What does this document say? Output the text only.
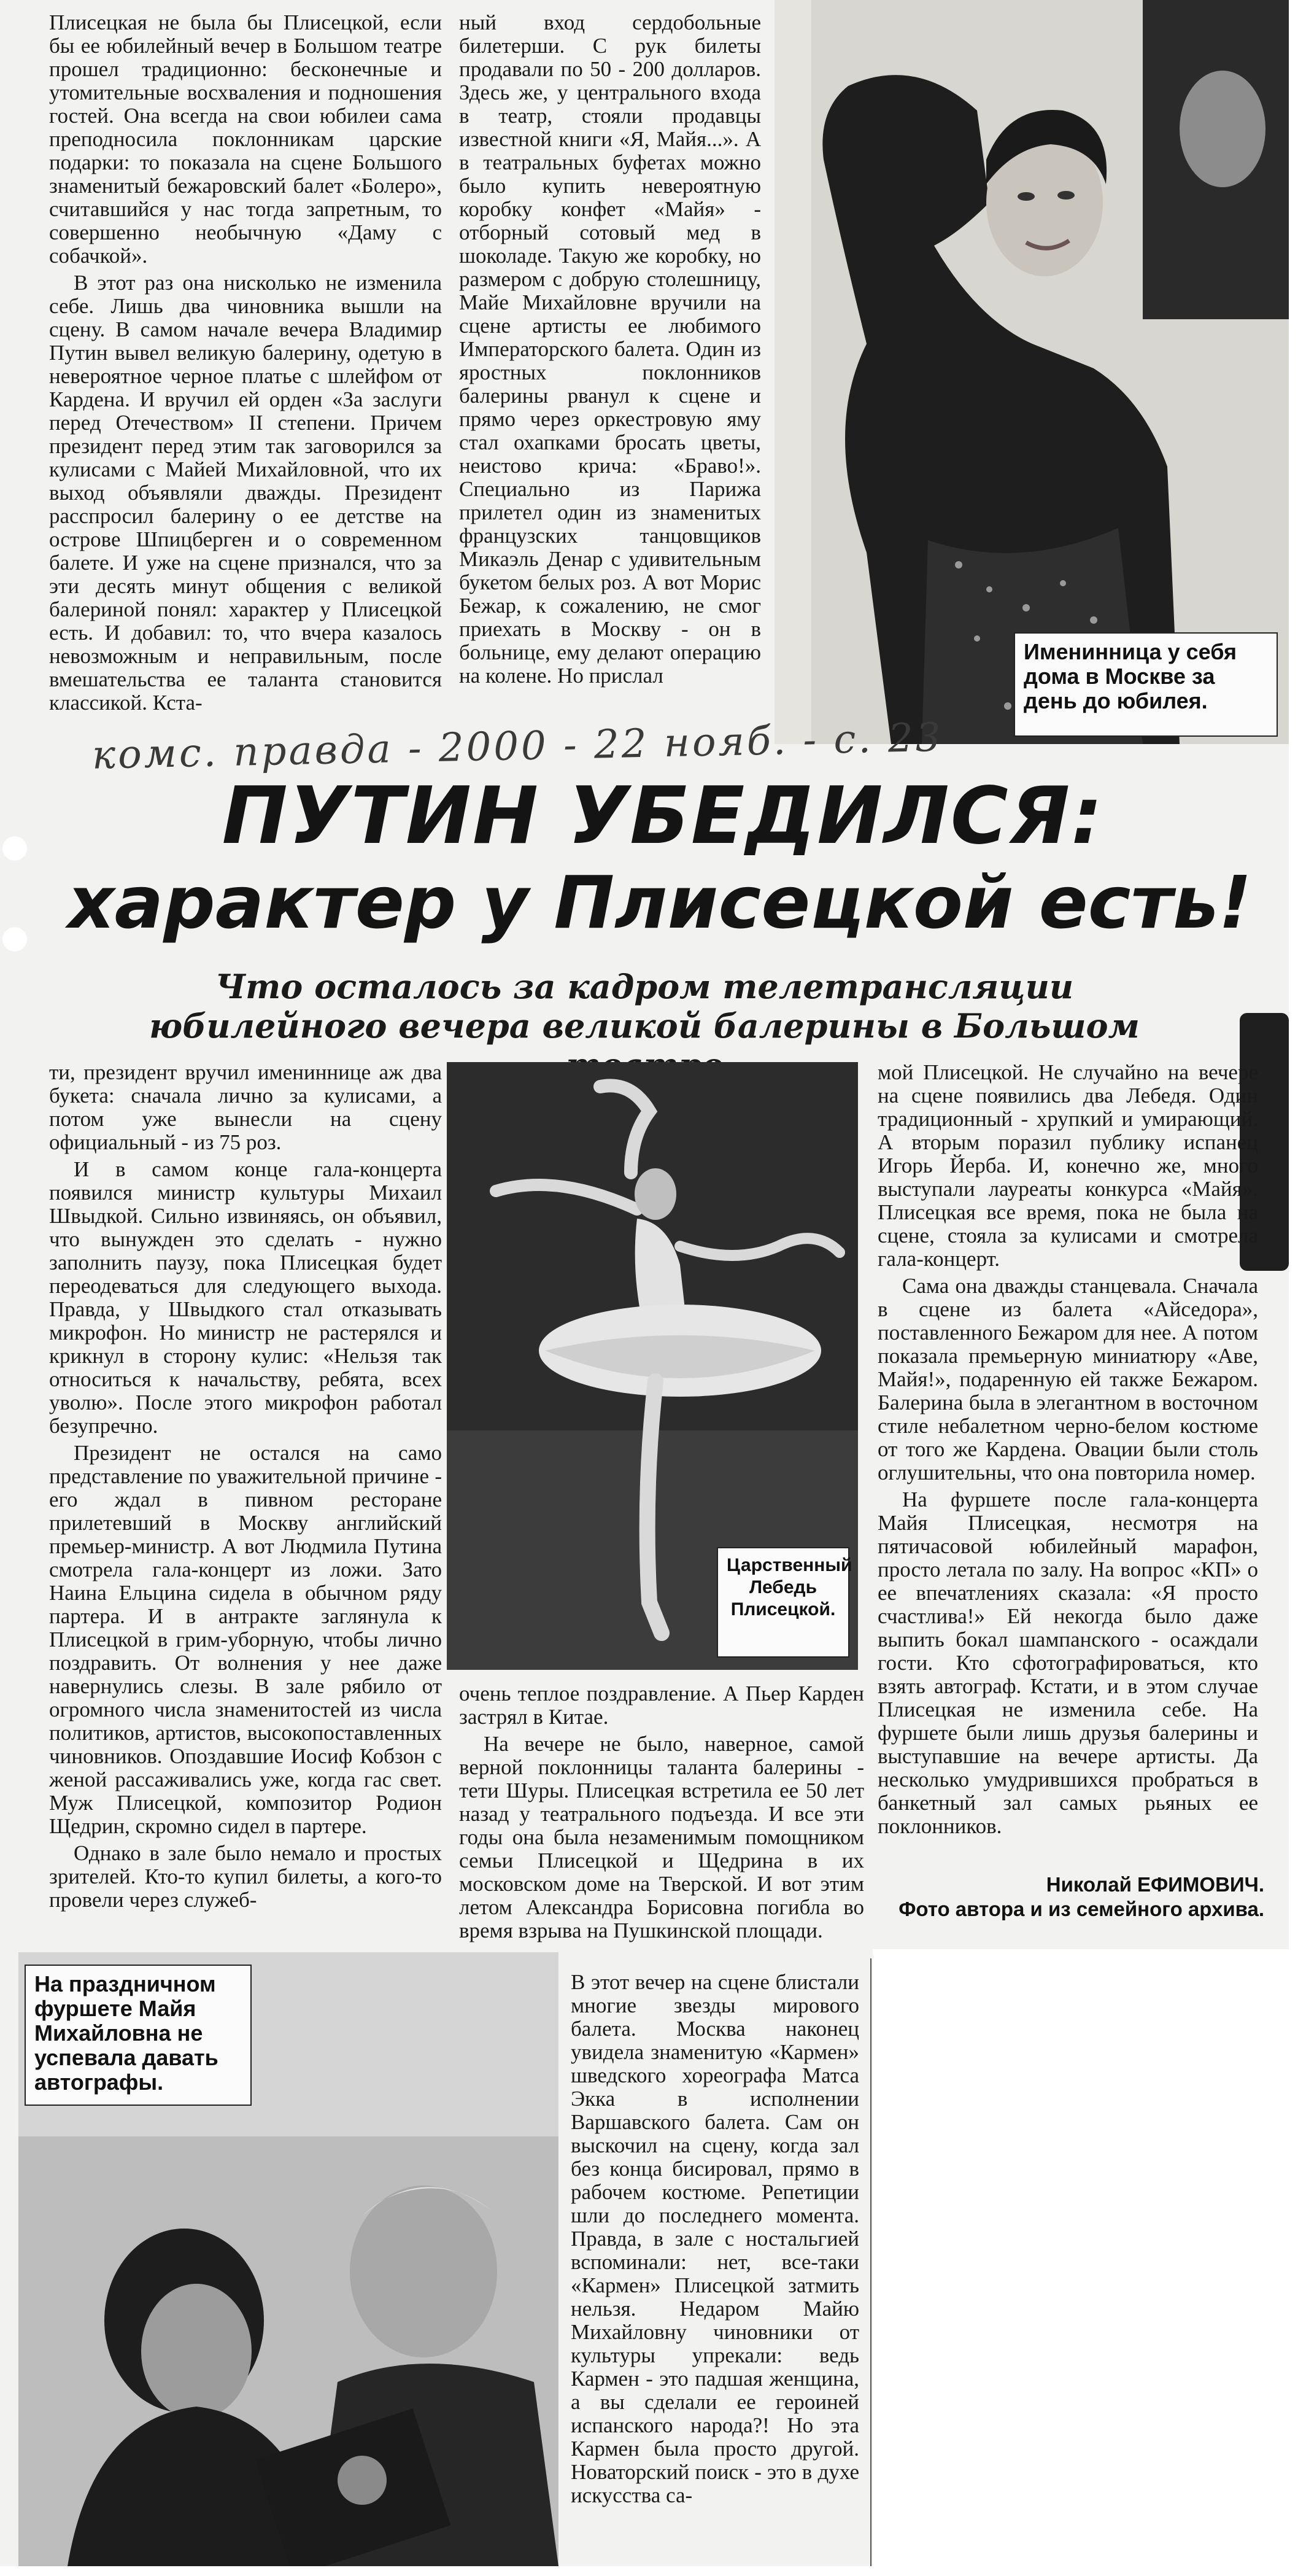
Плисецкая не была бы Плисецкой, если бы ее юбилейный вечер в Большом театре прошел традиционно: бесконечные и утомительные восхваления и подношения гостей. Она всегда на свои юбилеи сама преподносила поклонникам царские подарки: то показала на сцене Большого знаменитый бежаровский балет «Болеро», считавшийся у нас тогда запретным, то совершенно необычную «Даму с собачкой».

В этот раз она нисколько не изменила себе. Лишь два чиновника вышли на сцену. В самом начале вечера Владимир Путин вывел великую балерину, одетую в невероятное черное платье с шлейфом от Кардена. И вручил ей орден «За заслуги перед Отечеством» II степени. Причем президент перед этим так заговорился за кулисами с Майей Михайловной, что их выход объявляли дважды. Президент расспросил балерину о ее детстве на острове Шпицберген и о современном балете. И уже на сцене признался, что за эти десять минут общения с великой балериной понял: характер у Плисецкой есть. И добавил: то, что вчера казалось невозможным и неправильным, после вмешательства ее таланта становится классикой. Кста-

ный вход сердобольные билетерши. С рук билеты продавали по 50 - 200 долларов. Здесь же, у центрального входа в театр, стояли продавцы известной книги «Я, Майя...». А в театральных буфетах можно было купить невероятную коробку конфет «Майя» - отборный сотовый мед в шоколаде. Такую же коробку, но размером с добрую столешницу, Майе Михайловне вручили на сцене артисты ее любимого Императорского балета. Один из яростных поклонников балерины рванул к сцене и прямо через оркестровую яму стал охапками бросать цветы, неистово крича: «Браво!». Специально из Парижа прилетел один из знаменитых французских танцовщиков Микаэль Денар с удивительным букетом белых роз. А вот Морис Бежар, к сожалению, не смог приехать в Москву - он в больнице, ему делают операцию на колене. Но прислал

Именинница у себя дома в Москве за день до юбилея.
комс. правда - 2000 - 22 нояб. - с. 23
ПУТИН УБЕДИЛСЯ:
характер у Плисецкой есть!
Что осталось за кадром телетрансляции юбилейного вечера великой балерины в Большом

ти, президент вручил имениннице аж два букета: сначала лично за кулисами, а потом уже вынесли на сцену официальный - из 75 роз.

И в самом конце гала-концерта появился министр культуры Михаил Швыдкой. Сильно извиняясь, он объявил, что вынужден это сделать - нужно заполнить паузу, пока Плисецкая будет переодеваться для следующего выхода. Правда, у Швыдкого стал отказывать микрофон. Но министр не растерялся и крикнул в сторону кулис: «Нельзя так относиться к начальству, ребята, всех уволю». После этого микрофон работал безупречно.

Президент не остался на само представление по уважительной причине - его ждал в пивном ресторане прилетевший в Москву английский премьер-министр. А вот Людмила Путина смотрела гала-концерт из ложи. Зато Наина Ельцина сидела в обычном ряду партера. И в антракте заглянула к Плисецкой в грим-уборную, чтобы лично поздравить. От волнения у нее даже навернулись слезы. В зале рябило от огромного числа знаменитостей из числа политиков, артистов, высокопоставленных чиновников. Опоздавшие Иосиф Кобзон с женой рассаживались уже, когда гас свет. Муж Плисецкой, композитор Родион Щедрин, скромно сидел в партере.

Однако в зале было немало и простых зрителей. Кто-то купил билеты, а кого-то провели через служеб-

Царственный Лебедь Плисецкой.

очень теплое поздравление. А Пьер Карден застрял в Китае.

На вечере не было, наверное, самой верной поклонницы таланта балерины - тети Шуры. Плисецкая встретила ее 50 лет назад у театрального подъезда. И все эти годы она была незаменимым помощником семьи Плисецкой и Щедрина в их московском доме на Тверской. И вот этим летом Александра Борисовна погибла во время взрыва на Пушкинской площади.

мой Плисецкой. Не случайно на вечере на сцене появились два Лебедя. Один традиционный - хрупкий и умирающий. А вторым поразил публику испанец Игорь Йерба. И, конечно же, много выступали лауреаты конкурса «Майя». Плисецкая все время, пока не была на сцене, стояла за кулисами и смотрела гала-концерт.

Сама она дважды станцевала. Сначала в сцене из балета «Айседора», поставленного Бежаром для нее. А потом показала премьерную миниатюру «Аве, Майя!», подаренную ей также Бежаром. Балерина была в элегантном в восточном стиле небалетном черно-белом костюме от того же Кардена. Овации были столь оглушительны, что она повторила номер.

На фуршете после гала-концерта Майя Плисецкая, несмотря на пятичасовой юбилейный марафон, просто летала по залу. На вопрос «КП» о ее впечатлениях сказала: «Я просто счастлива!» Ей некогда было даже выпить бокал шампанского - осаждали гости. Кто сфотографироваться, кто взять автограф. Кстати, и в этом случае Плисецкая не изменила себе. На фуршете были лишь друзья балерины и выступавшие на вечере артисты. Да несколько умудрившихся пробраться в банкетный зал самых рьяных ее поклонников.

Николай ЕФИМОВИЧ.
Фото автора и из семейного архива.
На праздничном фуршете Майя Михайловна не успевала давать автографы.

В этот вечер на сцене блистали многие звезды мирового балета. Москва наконец увидела знаменитую «Кармен» шведского хореографа Матса Экка в исполнении Варшавского балета. Сам он выскочил на сцену, когда зал без конца бисировал, прямо в рабочем костюме. Репетиции шли до последнего момента. Правда, в зале с ностальгией вспоминали: нет, все-таки «Кармен» Плисецкой затмить нельзя. Недаром Майю Михайловну чиновники от культуры упрекали: ведь Кармен - это падшая женщина, а вы сделали ее героиней испанского народа?! Но эта Кармен была просто другой. Новаторский поиск - это в духе искусства са-
